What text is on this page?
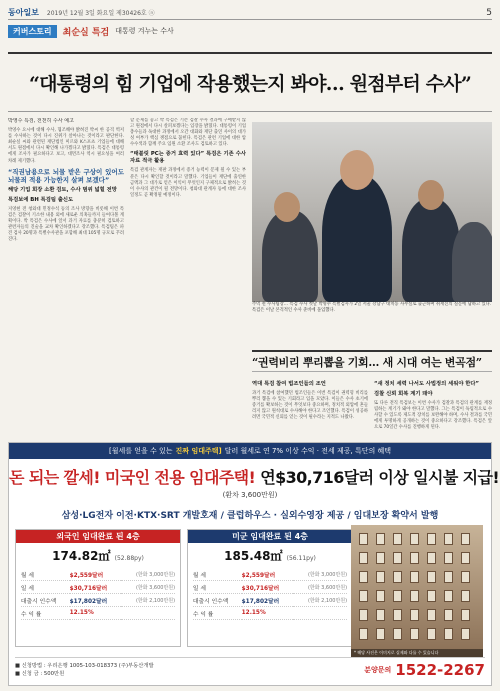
동아일보 2019년 12월 3일 화요일 제30426호 ⓐ	5
커버스토리	최순실 특검 대통령 겨누는 수사
“대통령의 힘 기업에 작용했는지 봐야… 원점부터 수사”
박영수 특검, 전천히 수사 예고

박영수 요시에 대해 수사, 협조해야 밝혀진 박씨 한 공격 벽저를 수사하는 것이 다시 진위가 살아나는 것이라고 판단한다. 최순실 씨와 관련된 재단법인 미르와 K스포츠 기업들에 대해서도 원점에서 다시 확인해 나가겠다고 밝혔다. 특검은 대통령에게 조사가 필요하다고 보고, 대면조사 역시 필요성을 여러 차례 제기했다.

“직권남용으로 뇌물 받은 구상이 있어도 뇌물죄 적용 가능한지 살펴 보겠다”
해당 기업 회장 소환 검토, 수사 범위 넓힐 전망
특검보에 BH 특검팀 출신도

지영현 전 청와대 민정수석 등의 조사 방향을 비롯해 이번 특검은 검찰이 기소한 내용 외에 새로운 의혹들까지 들여다볼 계획이다. 박 특검은 수사에 앞서 과거 자료를 충분히 검토하고 관련자들의 진술을 교차 확인하겠다고 강조했다. 특검팀은 파견 검사 20명과 특별수사관을 포함해 최대 105명 규모로 꾸려진다.

할 문제를 놓고 박 특검은 기존 검찰 수사 결과에 구애받지 않고 원점에서 다시 살펴보겠다는 입장을 밝혔다. 대통령이 기업 총수들과 독대한 과정에서 오간 대화와 재단 출연 사이의 대가성 여부가 핵심 쟁점으로 꼽힌다. 특검은 관련 기업에 대한 압수수색과 함께 주요 임원 소환 조사도 검토하고 있다.

“태블릿 PC는 증거 효력 있다” 특검은 기존 수사 자료 적극 활용

특검 관계자는 재판 과정에서 증거 능력이 문제 될 수 있는 부분은 다시 확인할 것이라고 말했다. 기업들이 재단에 출연한 금액과 그 대가로 얻은 이익이 무엇인지 구체적으로 밝히는 것이 수사의 관건이 될 전망이다. 청와대 관계자 등에 대한 조사 일정도 곧 확정될 예정이다.

주먹 쥔 수사팀장… 특검 수사 첫날 박영수 특별검사가 2일 서울 강남구 대치동 사무실로 출근하며 취재진의 질문에 답하고 있다. 특검은 이날 본격적인 수사 준비에 돌입했다.
“권력비리 뿌리뽑을 기회… 새 시대 여는 변곡점”
역대 특검 참여 법조인들의 조언

과거 특검에 참여했던 법조인들은 이번 특검이 권력형 비리를 뿌리 뽑을 수 있는 기회라고 입을 모았다. 이들은 수사 초기에 증거를 확보하는 것이 무엇보다 중요하며, 정치적 외압에 흔들리지 않고 원칙대로 수사해야 한다고 조언했다. 특검이 성공하려면 국민적 신뢰를 얻는 것이 필수라는 지적도 나왔다.

“새 정치 세력 나서도 사법정의 세워야 한다”
검찰 신뢰 회복 계기 돼야

또 다른 전직 특검보는 이번 수사가 검찰과 특검의 관계를 재정립하는 계기가 돼야 한다고 말했다. 그는 특검이 독립적으로 수사할 수 있도록 제도적 장치를 보완해야 하며, 수사 결과를 국민에게 투명하게 공개하는 것이 중요하다고 강조했다. 특검은 앞으로 70일간 수사를 진행하게 된다.

[월세를 얻을 수 있는 진짜 임대주택] 달러 월세로 연 7% 이상 수익 · 전세 제공, 특단의 혜택
돈 되는 깔세! 미국인 전용 임대주택! 연$30,716달러 이상 일시불 지급!
(환차 3,600만원)
삼성·LG전자 이전·KTX·SRT 개발호재 / 클럽하우스 · 실외수영장 제공 / 임대보장 확약서 발행
외국인 임대완료 된 4층
174.82㎡ (52.88py)
월 세	$2,559달러	(한화 3,000만원)
일 세	$30,716달러	(한화 3,600만원)
대출시 인수액	$17,802달러	(한화 2,100만원)
수 익 률	12.15%	
미군 임대완료 된 4층
185.48㎡ (56.11py)
월 세	$2,559달러	(한화 3,000만원)
일 세	$30,716달러	(한화 3,600만원)
대출시 인수액	$17,802달러	(한화 2,100만원)
수 익 률	12.15%	
* 해당 사진은 이미지로 실제와 다를 수 있습니다
■ 신청방법 : 우리은행 1005-103-018373 (주)부동산개발
■ 신청 금 : 500만원	분양문의 1522-2267
